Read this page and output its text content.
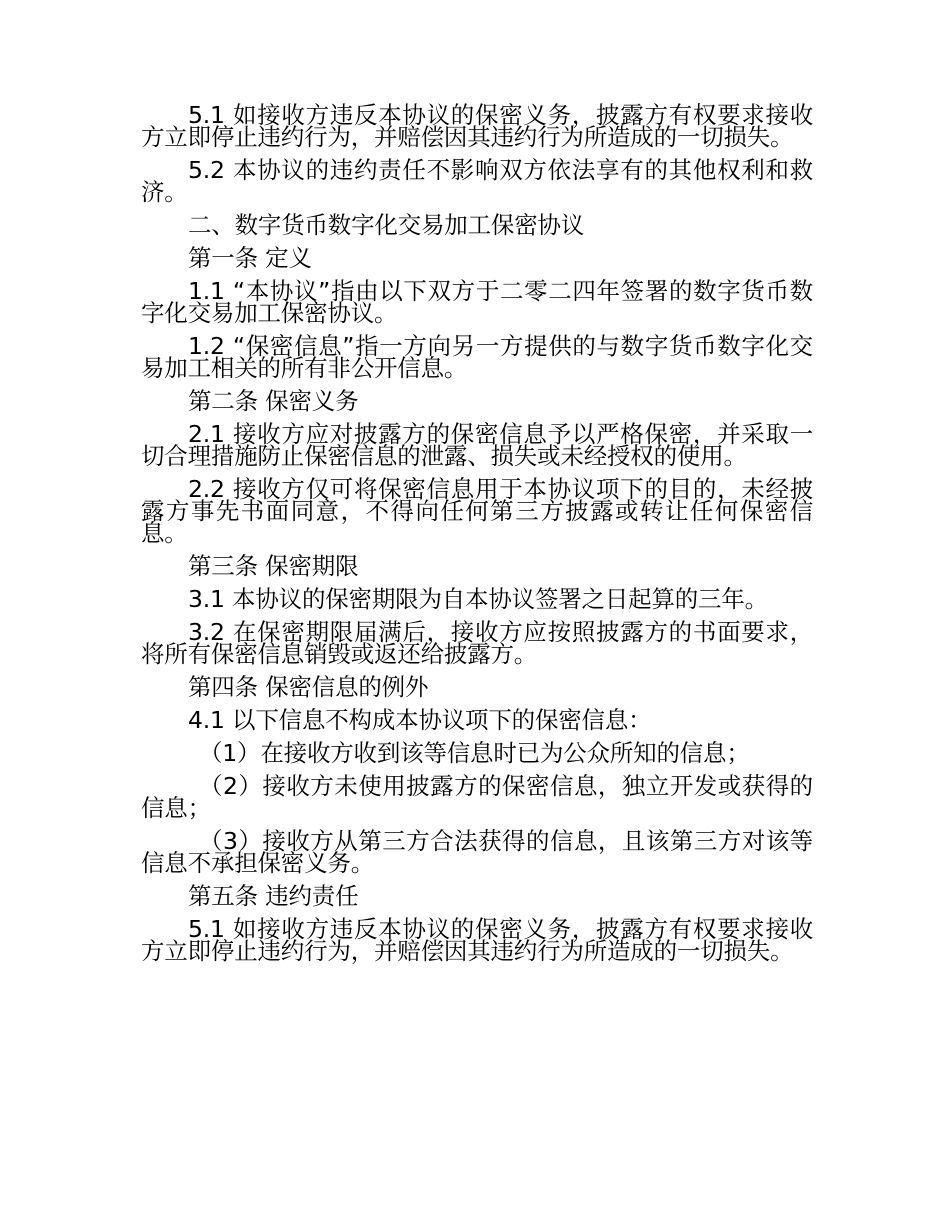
5.1 如接收方违反本协议的保密义务，披露方有权要求接收方立即停止违约行为，并赔偿因其违约行为所造成的一切损失。

5.2 本协议的违约责任不影响双方依法享有的其他权利和救济。

二、数字货币数字化交易加工保密协议

第一条 定义

1.1 “本协议”指由以下双方于二零二四年签署的数字货币数字化交易加工保密协议。

1.2 “保密信息”指一方向另一方提供的与数字货币数字化交易加工相关的所有非公开信息。

第二条 保密义务

2.1 接收方应对披露方的保密信息予以严格保密，并采取一切合理措施防止保密信息的泄露、损失或未经授权的使用。

2.2 接收方仅可将保密信息用于本协议项下的目的，未经披露方事先书面同意，不得向任何第三方披露或转让任何保密信息。

第三条 保密期限

3.1 本协议的保密期限为自本协议签署之日起算的三年。

3.2 在保密期限届满后，接收方应按照披露方的书面要求，将所有保密信息销毁或返还给披露方。

第四条 保密信息的例外

4.1 以下信息不构成本协议项下的保密信息：

（1）在接收方收到该等信息时已为公众所知的信息；

（2）接收方未使用披露方的保密信息，独立开发或获得的信息；

（3）接收方从第三方合法获得的信息，且该第三方对该等信息不承担保密义务。

第五条 违约责任

5.1 如接收方违反本协议的保密义务，披露方有权要求接收方立即停止违约行为，并赔偿因其违约行为所造成的一切损失。
